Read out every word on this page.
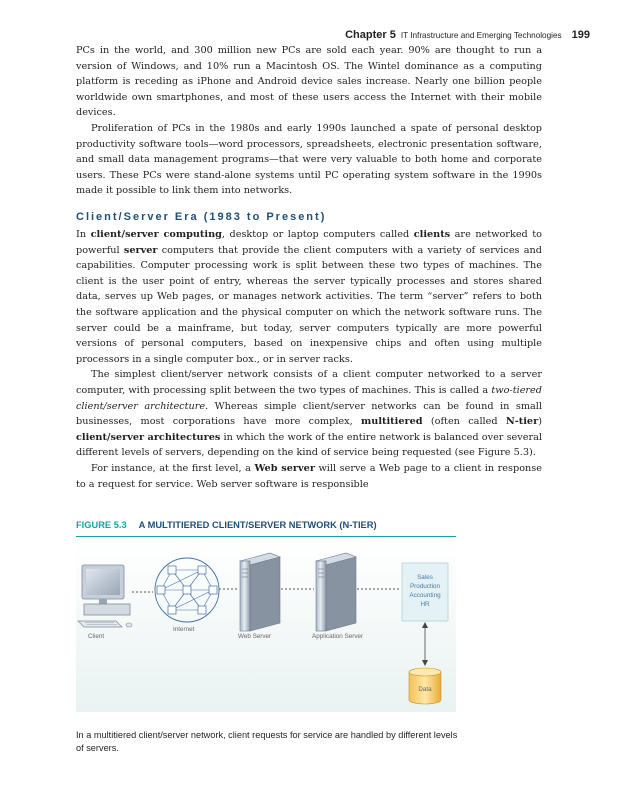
Chapter 5 IT Infrastructure and Emerging Technologies 199

PCs in the world, and 300 million new PCs are sold each year. 90% are thought to run a version of Windows, and 10% run a Macintosh OS. The Wintel dominance as a computing platform is receding as iPhone and Android device sales increase. Nearly one billion people worldwide own smartphones, and most of these users access the Internet with their mobile devices.

Proliferation of PCs in the 1980s and early 1990s launched a spate of personal desktop productivity software tools—word processors, spreadsheets, electronic presentation software, and small data management programs—that were very valuable to both home and corporate users. These PCs were stand-alone systems until PC operating system software in the 1990s made it possible to link them into networks.

Client/Server Era (1983 to Present)

In client/server computing, desktop or laptop computers called clients are networked to powerful server computers that provide the client computers with a variety of services and capabilities. Computer processing work is split between these two types of machines. The client is the user point of entry, whereas the server typically processes and stores shared data, serves up Web pages, or manages network activities. The term “server” refers to both the software application and the physical computer on which the network software runs. The server could be a mainframe, but today, server computers typically are more powerful versions of personal computers, based on inexpensive chips and often using multiple processors in a single computer box., or in server racks.

The simplest client/server network consists of a client computer networked to a server computer, with processing split between the two types of machines. This is called a two-tiered client/server architecture. Whereas simple client/server networks can be found in small businesses, most corporations have more complex, multitiered (often called N-tier) client/server architectures in which the work of the entire network is balanced over several different levels of servers, depending on the kind of service being requested (see Figure 5.3).

For instance, at the first level, a Web server will serve a Web page to a client in response to a request for service. Web server software is responsible

FIGURE 5.3 A MULTITIERED CLIENT/SERVER NETWORK (N-TIER)
Client
Internet
Web Server	Application Server
Sales
Production
Accounting
HR
Data
In a multitiered client/server network, client requests for service are handled by different levels of servers.
